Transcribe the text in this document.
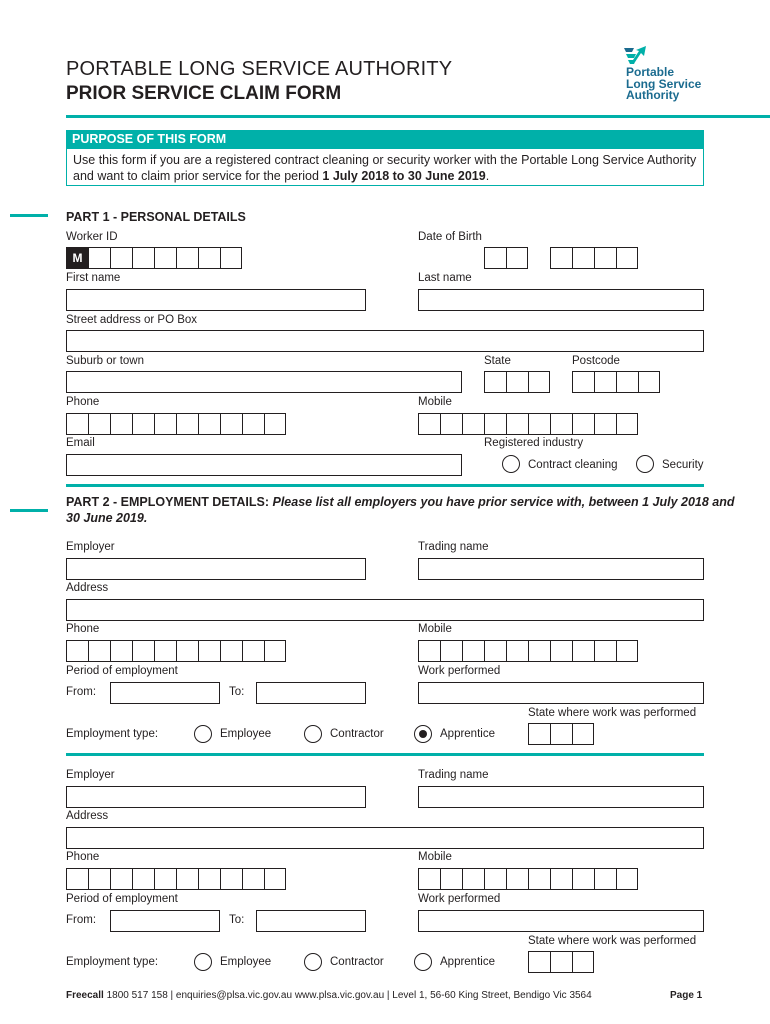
PORTABLE LONG SERVICE AUTHORITY
PRIOR SERVICE CLAIM FORM
Portable
Long Service
Authority
PURPOSE OF THIS FORM
Use this form if you are a registered contract cleaning or security worker with the Portable Long Service Authority and want to claim prior service for the period 1 July 2018 to 30 June 2019.
PART 1 - PERSONAL DETAILS
Worker ID
M
Date of Birth
First name	Last name
Street address or PO Box
Suburb or town	State	Postcode
Phone	Mobile
Email	Registered industry
Contract cleaning	Security
PART 2 - EMPLOYMENT DETAILS: Please list all employers you have prior service with, between 1 July 2018 and 30 June 2019.
Employer	Trading name
Address
Phone	Mobile
Period of employment	Work performed
From:	To:
State where work was performed
Employment type:	Employee	Contractor	Apprentice
Employer	Trading name
Address
Phone	Mobile
Period of employment	Work performed
From:	To:
State where work was performed
Employment type:	Employee	Contractor	Apprentice
Freecall 1800 517 158 | enquiries@plsa.vic.gov.au www.plsa.vic.gov.au | Level 1, 56-60 King Street, Bendigo Vic 3564	Page 1
